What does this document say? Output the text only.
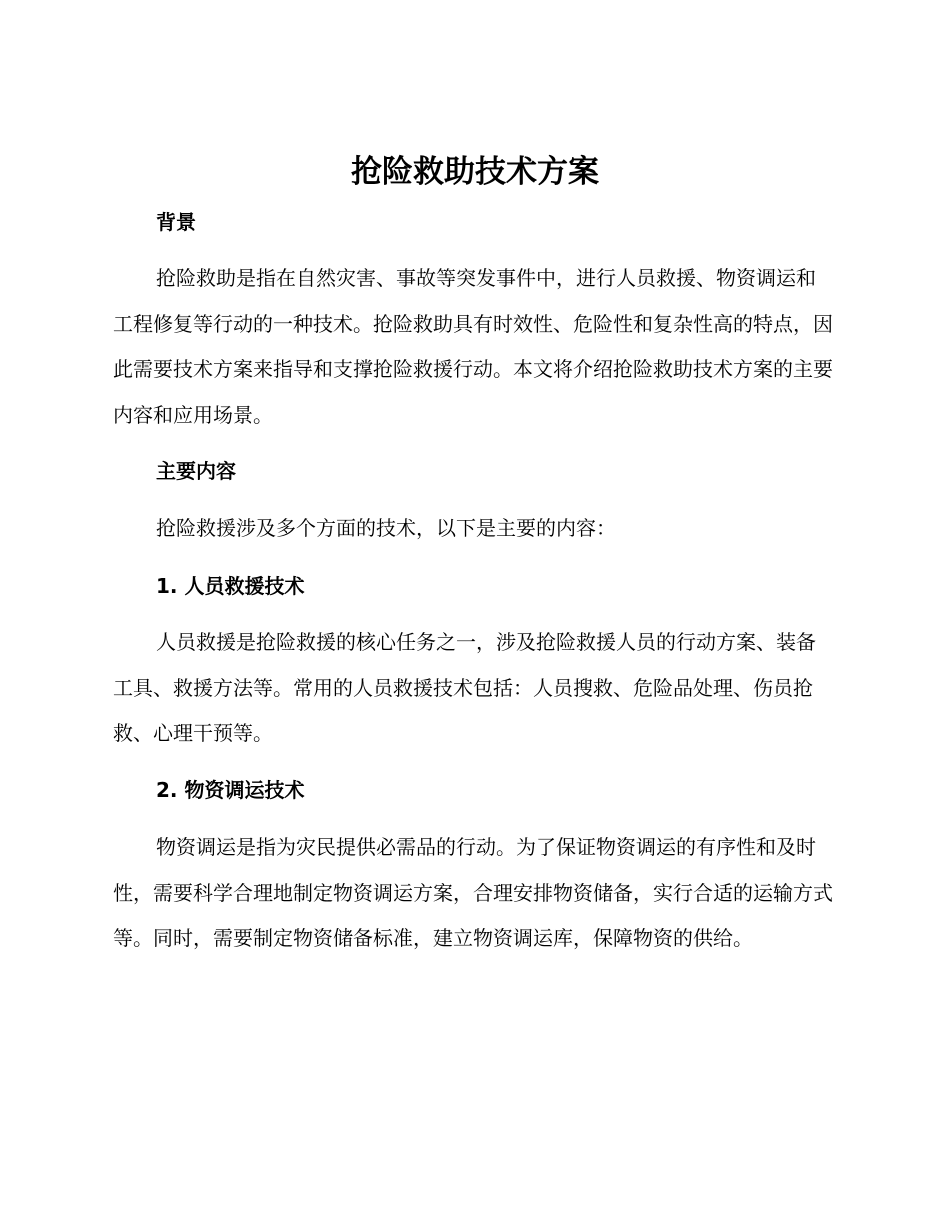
抢险救助技术方案
背景

抢险救助是指在自然灾害、事故等突发事件中，进行人员救援、物资调运和工程修复等行动的一种技术。抢险救助具有时效性、危险性和复杂性高的特点，因此需要技术方案来指导和支撑抢险救援行动。本文将介绍抢险救助技术方案的主要内容和应用场景。

主要内容

抢险救援涉及多个方面的技术，以下是主要的内容：

1. 人员救援技术

人员救援是抢险救援的核心任务之一，涉及抢险救援人员的行动方案、装备工具、救援方法等。常用的人员救援技术包括：人员搜救、危险品处理、伤员抢救、心理干预等。

2. 物资调运技术

物资调运是指为灾民提供必需品的行动。为了保证物资调运的有序性和及时性，需要科学合理地制定物资调运方案，合理安排物资储备，实行合适的运输方式等。同时，需要制定物资储备标准，建立物资调运库，保障物资的供给。
